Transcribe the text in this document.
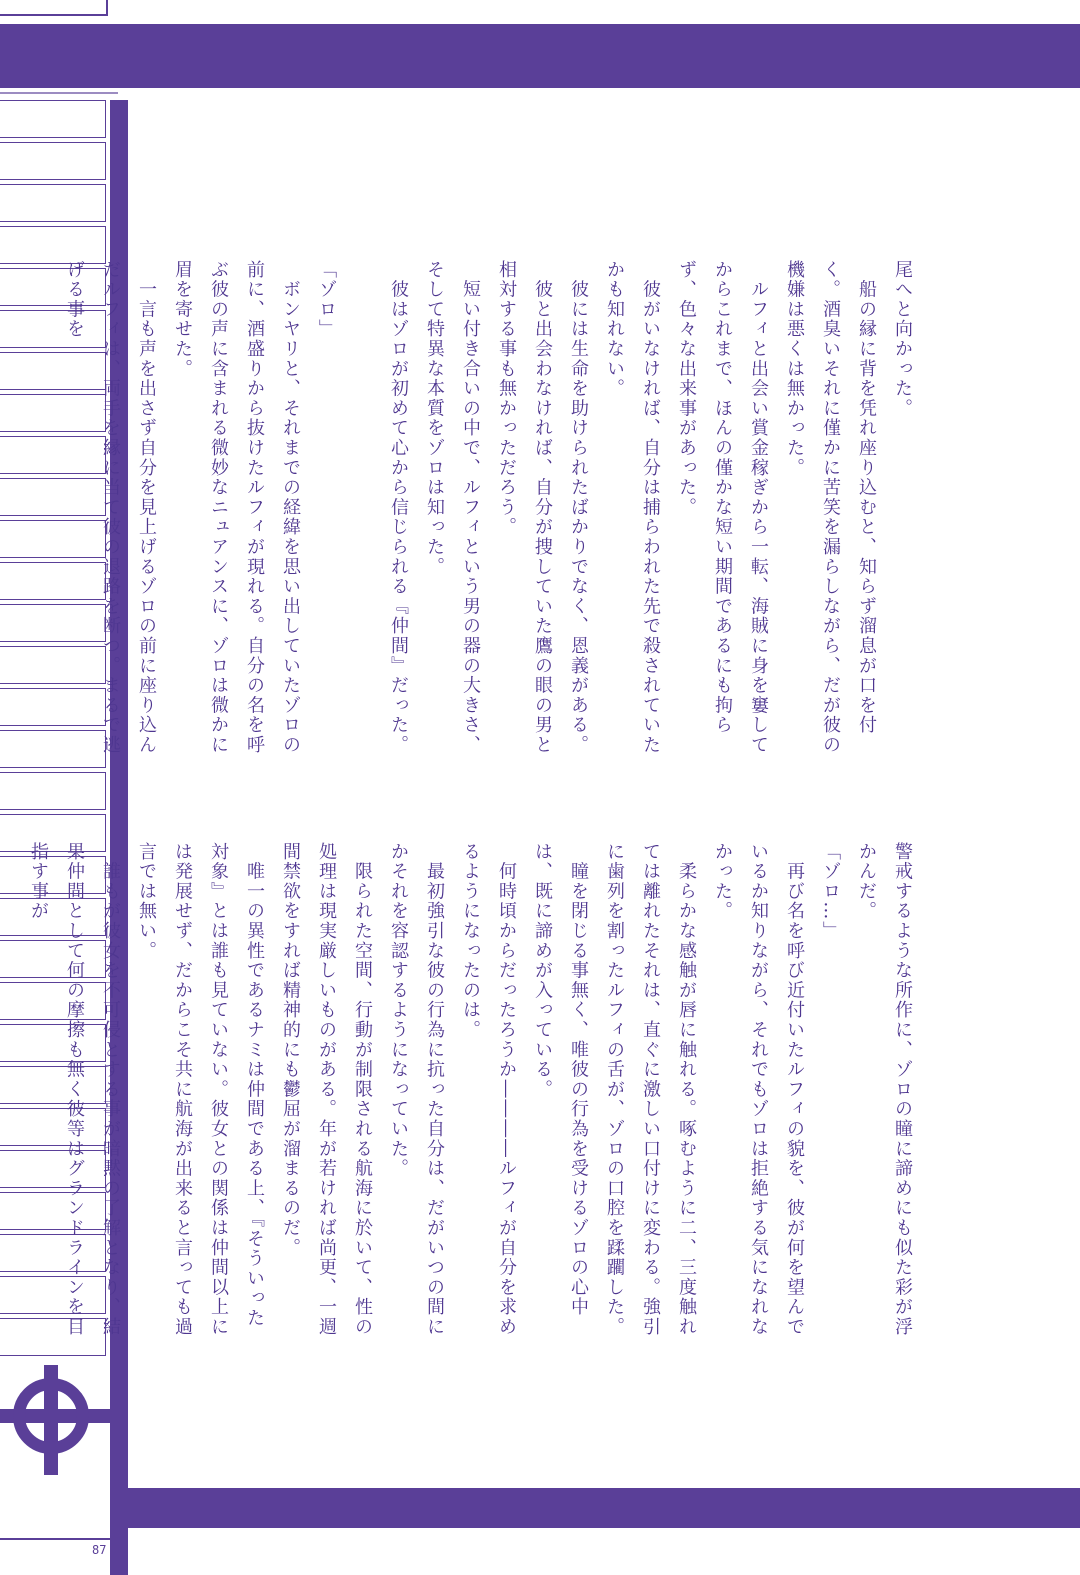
87

尾へと向かった。

　船の縁に背を凭れ座り込むと、知らず溜息が口を付く。酒臭いそれに僅かに苦笑を漏らしながら、だが彼の機嫌は悪くは無かった。

　ルフィと出会い賞金稼ぎから一転、海賊に身を窶してからこれまで、ほんの僅かな短い期間であるにも拘らず、色々な出来事があった。

　彼がいなければ、自分は捕らわれた先で殺されていたかも知れない。

　彼には生命を助けられたばかりでなく、恩義がある。

　彼と出会わなければ、自分が捜していた鷹の眼の男と相対する事も無かっただろう。

　短い付き合いの中で、ルフィという男の器の大きさ、そして特異な本質をゾロは知った。

　彼はゾロが初めて心から信じられる『仲間』だった。

「ゾロ」

　ボンヤリと、それまでの経緯を思い出していたゾロの前に、酒盛りから抜けたルフィが現れる。自分の名を呼ぶ彼の声に含まれる微妙なニュアンスに、ゾロは微かに眉を寄せた。

　一言も声を出さず自分を見上げるゾロの前に座り込んだルフィは、両手を縁に当て彼の退路を断つ。まるで逃げる事を

警戒するような所作に、ゾロの瞳に諦めにも似た彩が浮かんだ。

「ゾロ…」

　再び名を呼び近付いたルフィの貌を、彼が何を望んでいるか知りながら、それでもゾロは拒絶する気になれなかった。

　柔らかな感触が唇に触れる。啄むように二、三度触れては離れたそれは、直ぐに激しい口付けに変わる。強引に歯列を割ったルフィの舌が、ゾロの口腔を蹂躙した。

　瞳を閉じる事無く、唯彼の行為を受けるゾロの心中は、既に諦めが入っている。

　何時頃からだったろうか――――ルフィが自分を求めるようになったのは。

　最初強引な彼の行為に抗った自分は、だがいつの間にかそれを容認するようになっていた。

　限られた空間、行動が制限される航海に於いて、性の処理は現実厳しいものがある。年が若ければ尚更、一週間禁欲をすれば精神的にも鬱屈が溜まるのだ。

　唯一の異性であるナミは仲間である上、『そういった対象』とは誰も見ていない。彼女との関係は仲間以上には発展せず、だからこそ共に航海が出来ると言っても過言では無い。

　誰もが彼女を不可侵とする事が暗黙の了解となり、結果仲間として何の摩擦も無く彼等はグランドラインを目指す事が
